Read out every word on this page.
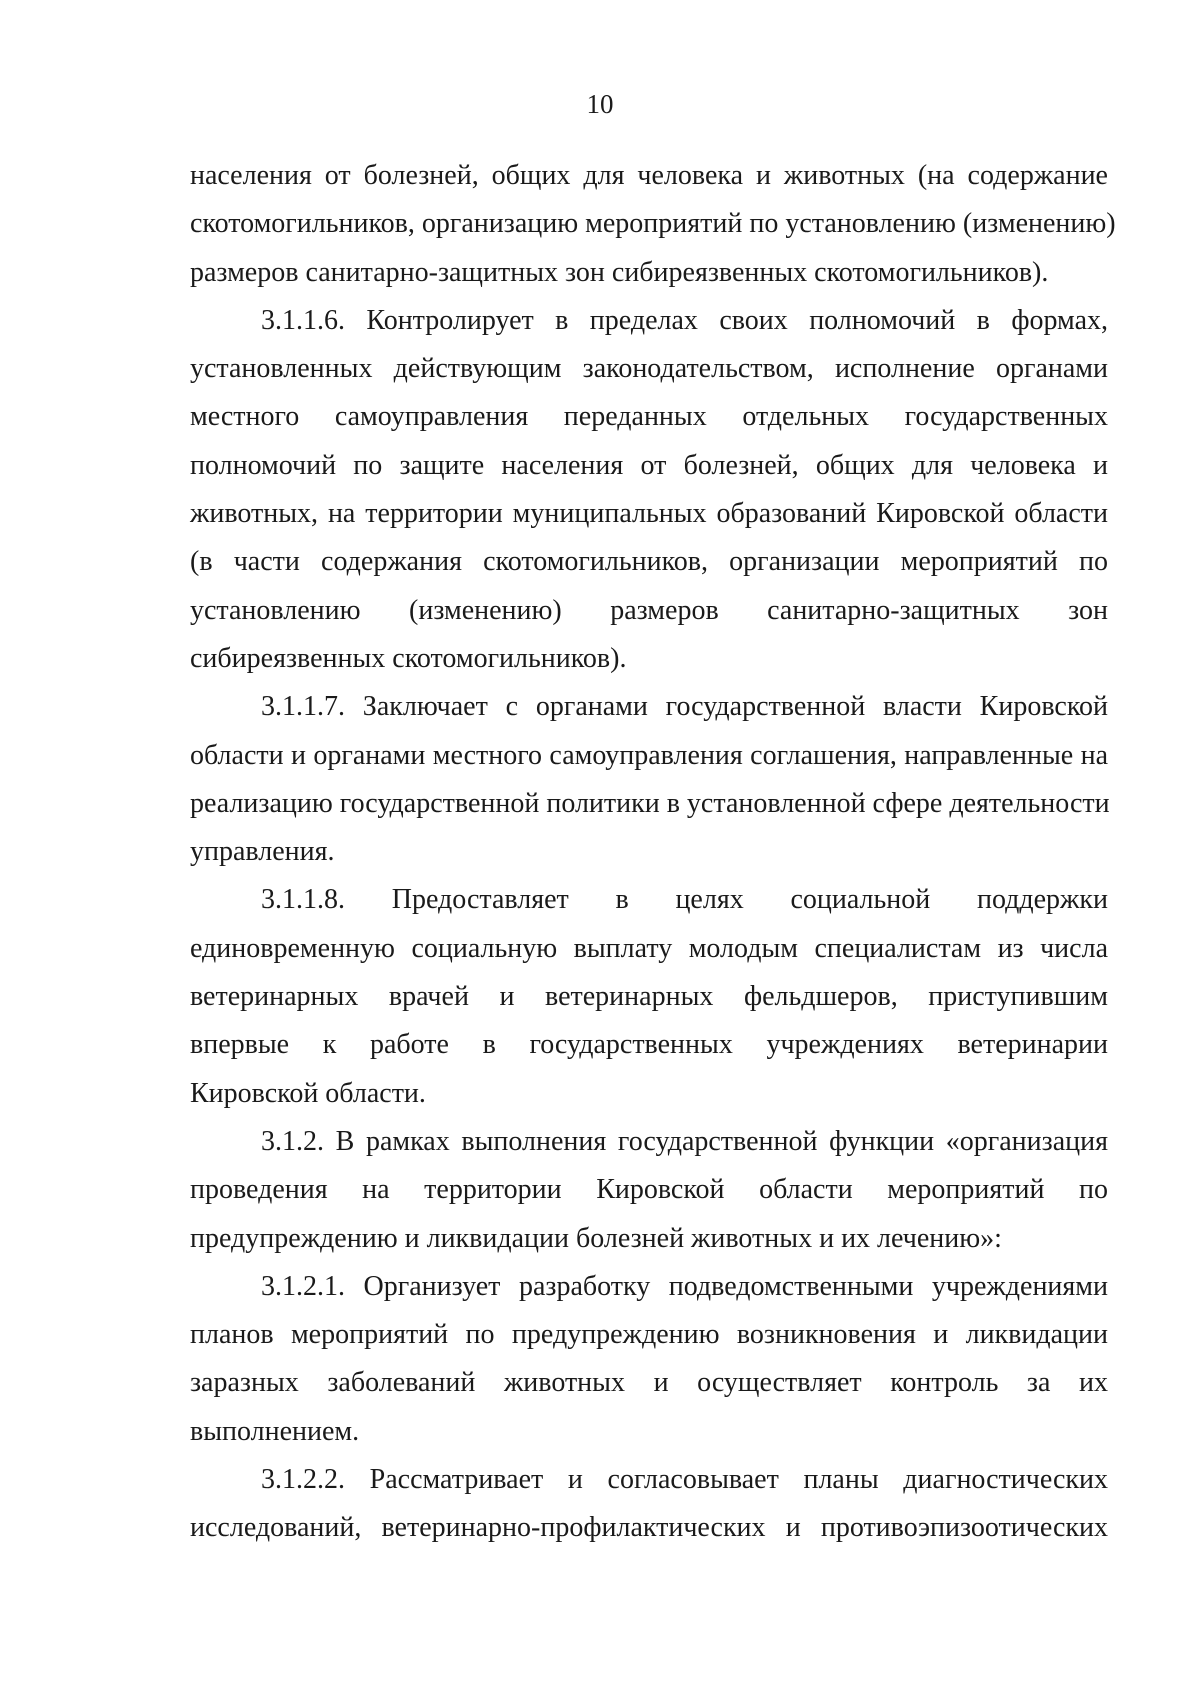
10
населения от болезней, общих для человека и животных (на содержание
скотомогильников, организацию мероприятий по установлению (изменению)
размеров санитарно-защитных зон сибиреязвенных скотомогильников).
3.1.1.6. Контролирует в пределах своих полномочий в формах,
установленных действующим законодательством, исполнение органами
местного самоуправления переданных отдельных государственных
полномочий по защите населения от болезней, общих для человека и
животных, на территории муниципальных образований Кировской области
(в части содержания скотомогильников, организации мероприятий по
установлению (изменению) размеров санитарно-защитных зон
сибиреязвенных скотомогильников).
3.1.1.7. Заключает с органами государственной власти Кировской
области и органами местного самоуправления соглашения, направленные на
реализацию государственной политики в установленной сфере деятельности
управления.
3.1.1.8. Предоставляет в целях социальной поддержки
единовременную социальную выплату молодым специалистам из числа
ветеринарных врачей и ветеринарных фельдшеров, приступившим
впервые к работе в государственных учреждениях ветеринарии
Кировской области.
3.1.2. В рамках выполнения государственной функции «организация
проведения на территории Кировской области мероприятий по
предупреждению и ликвидации болезней животных и их лечению»:
3.1.2.1. Организует разработку подведомственными учреждениями
планов мероприятий по предупреждению возникновения и ликвидации
заразных заболеваний животных и осуществляет контроль за их
выполнением.
3.1.2.2. Рассматривает и согласовывает планы диагностических
исследований, ветеринарно-профилактических и противоэпизоотических
